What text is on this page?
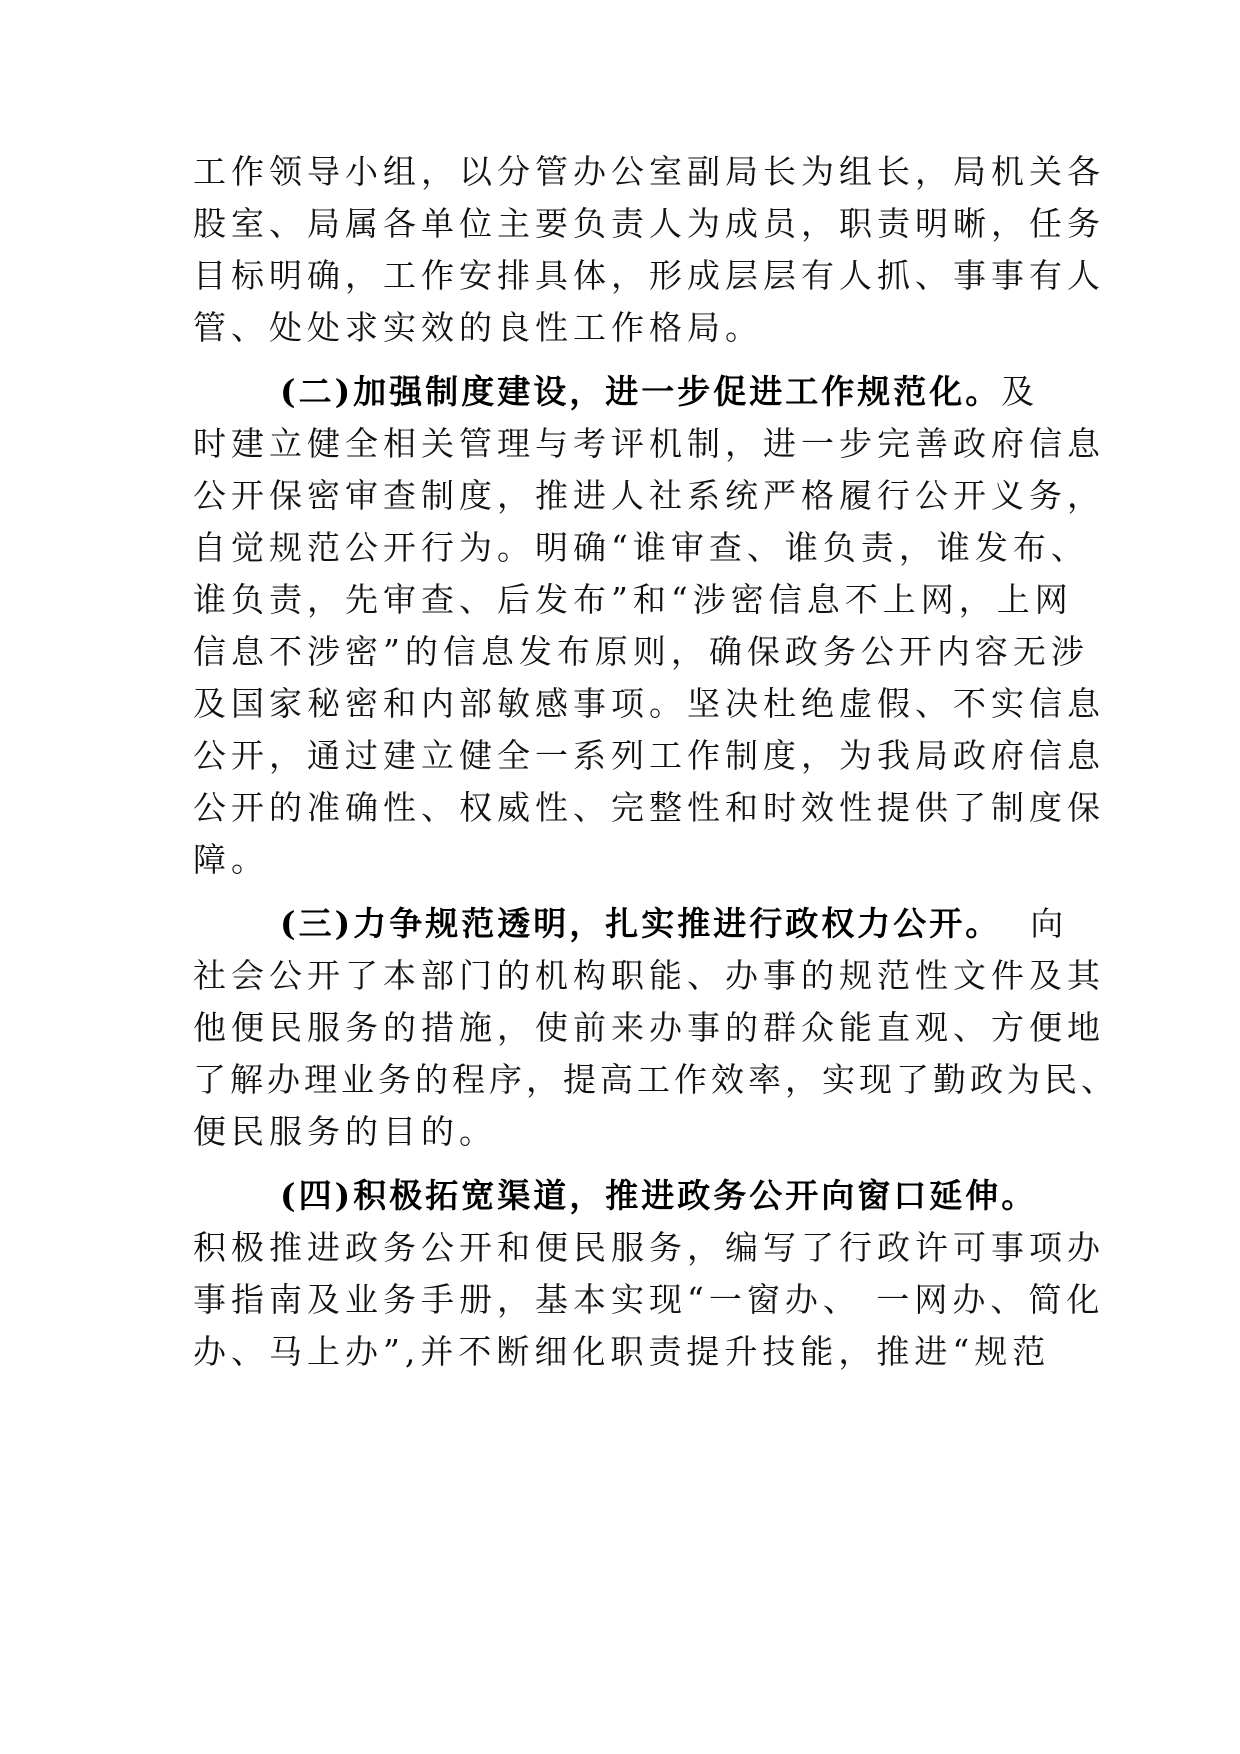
工作领导小组，以分管办公室副局长为组长，局机关各
股室、局属各单位主要负责人为成员，职责明晰，任务
目标明确，工作安排具体，形成层层有人抓、事事有人
管、处处求实效的良性工作格局。
(二)加强制度建设，进一步促进工作规范化。及
时建立健全相关管理与考评机制，进一步完善政府信息
公开保密审查制度，推进人社系统严格履行公开义务，
自觉规范公开行为。明确“谁审查、谁负责，谁发布、
谁负责，先审查、后发布”和“涉密信息不上网，上网
信息不涉密”的信息发布原则，确保政务公开内容无涉
及国家秘密和内部敏感事项。坚决杜绝虚假、不实信息
公开，通过建立健全一系列工作制度，为我局政府信息
公开的准确性、权威性、完整性和时效性提供了制度保
障。
(三)力争规范透明，扎实推进行政权力公开。  向
社会公开了本部门的机构职能、办事的规范性文件及其
他便民服务的措施，使前来办事的群众能直观、方便地
了解办理业务的程序，提高工作效率，实现了勤政为民、
便民服务的目的。
(四)积极拓宽渠道，推进政务公开向窗口延伸。
积极推进政务公开和便民服务，编写了行政许可事项办
事指南及业务手册，基本实现“一窗办、 一网办、简化
办、马上办”,并不断细化职责提升技能，推进“规范
